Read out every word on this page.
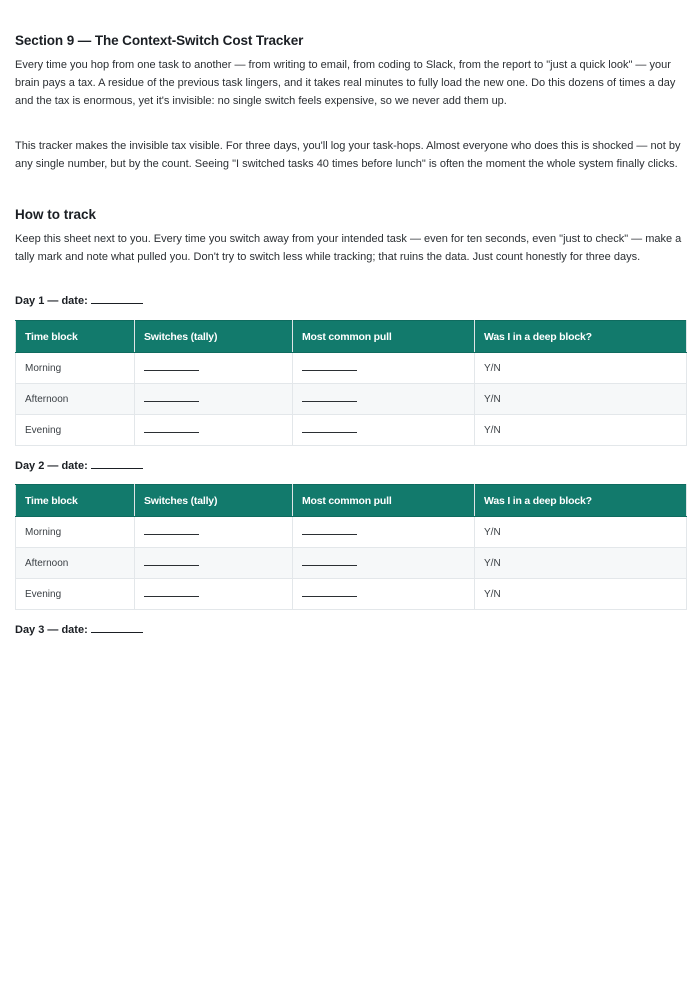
Section 9 — The Context-Switch Cost Tracker

Every time you hop from one task to another — from writing to email, from coding to Slack, from the report to "just a quick look" — your brain pays a tax. A residue of the previous task lingers, and it takes real minutes to fully load the new one. Do this dozens of times a day and the tax is enormous, yet it's invisible: no single switch feels expensive, so we never add them up.

This tracker makes the invisible tax visible. For three days, you'll log your task-hops. Almost everyone who does this is shocked — not by any single number, but by the count. Seeing "I switched tasks 40 times before lunch" is often the moment the whole system finally clicks.

How to track

Keep this sheet next to you. Every time you switch away from your intended task — even for ten seconds, even "just to check" — make a tally mark and note what pulled you. Don't try to switch less while tracking; that ruins the data. Just count honestly for three days.

Day 1 — date:
Time block	Switches (tally)	Most common pull	Was I in a deep block?
Morning			Y/N
Afternoon			Y/N
Evening			Y/N
Day 2 — date:
Time block	Switches (tally)	Most common pull	Was I in a deep block?
Morning			Y/N
Afternoon			Y/N
Evening			Y/N
Day 3 — date:
